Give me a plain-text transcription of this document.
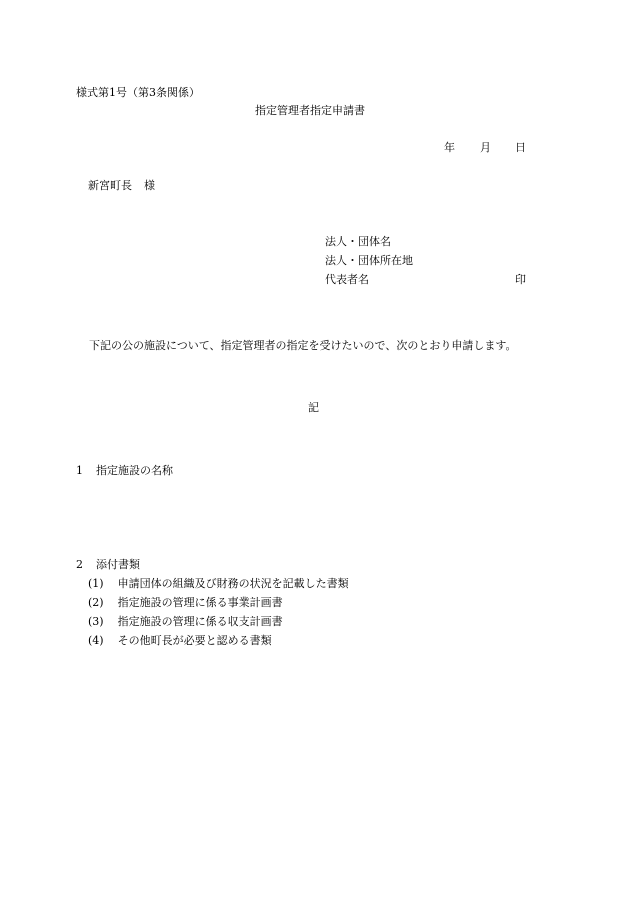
様式第1号（第3条関係）
指定管理者指定申請書
年 月 日
新宮町長 様
法人・団体名
法人・団体所在地
代表者名	印
下記の公の施設について、指定管理者の指定を受けたいので、次のとおり申請します。
記
1 指定施設の名称
2 添付書類
(1) 申請団体の組織及び財務の状況を記載した書類
(2) 指定施設の管理に係る事業計画書
(3) 指定施設の管理に係る収支計画書
(4) その他町長が必要と認める書類
